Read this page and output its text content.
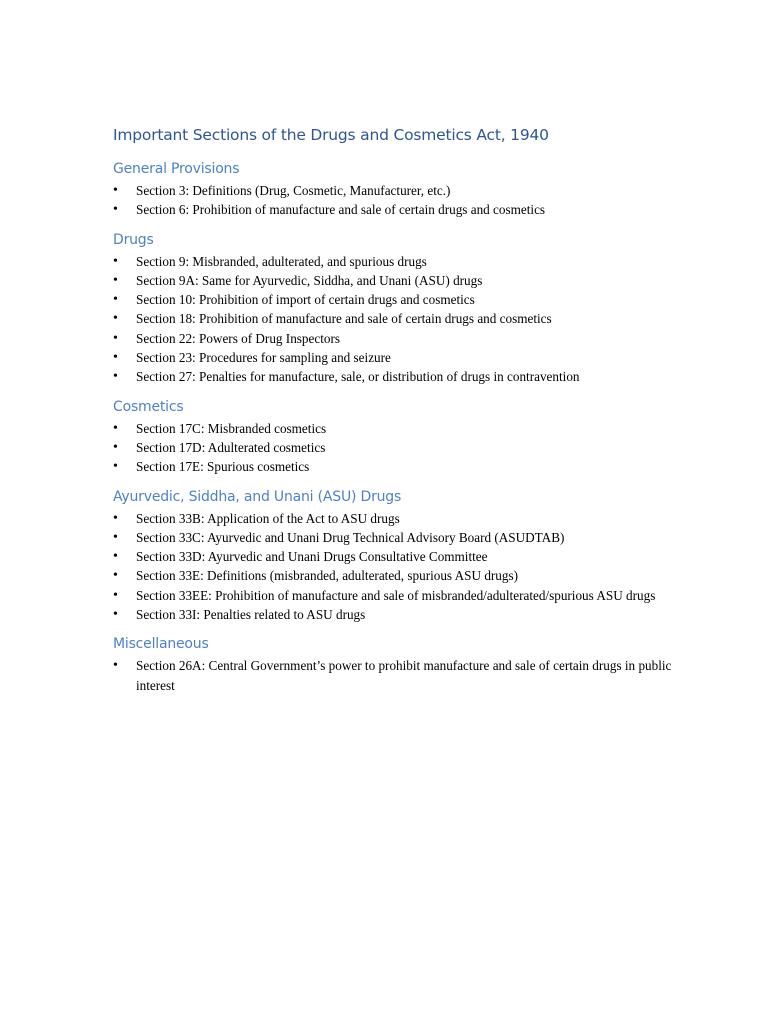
Important Sections of the Drugs and Cosmetics Act, 1940
General Provisions
• Section 3: Definitions (Drug, Cosmetic, Manufacturer, etc.)
• Section 6: Prohibition of manufacture and sale of certain drugs and cosmetics
Drugs
• Section 9: Misbranded, adulterated, and spurious drugs
• Section 9A: Same for Ayurvedic, Siddha, and Unani (ASU) drugs
• Section 10: Prohibition of import of certain drugs and cosmetics
• Section 18: Prohibition of manufacture and sale of certain drugs and cosmetics
• Section 22: Powers of Drug Inspectors
• Section 23: Procedures for sampling and seizure
• Section 27: Penalties for manufacture, sale, or distribution of drugs in contravention
Cosmetics
• Section 17C: Misbranded cosmetics
• Section 17D: Adulterated cosmetics
• Section 17E: Spurious cosmetics
Ayurvedic, Siddha, and Unani (ASU) Drugs
• Section 33B: Application of the Act to ASU drugs
• Section 33C: Ayurvedic and Unani Drug Technical Advisory Board (ASUDTAB)
• Section 33D: Ayurvedic and Unani Drugs Consultative Committee
• Section 33E: Definitions (misbranded, adulterated, spurious ASU drugs)
• Section 33EE: Prohibition of manufacture and sale of misbranded/adulterated/spurious ASU drugs
• Section 33I: Penalties related to ASU drugs
Miscellaneous
• Section 26A: Central Government’s power to prohibit manufacture and sale of certain drugs in public interest
